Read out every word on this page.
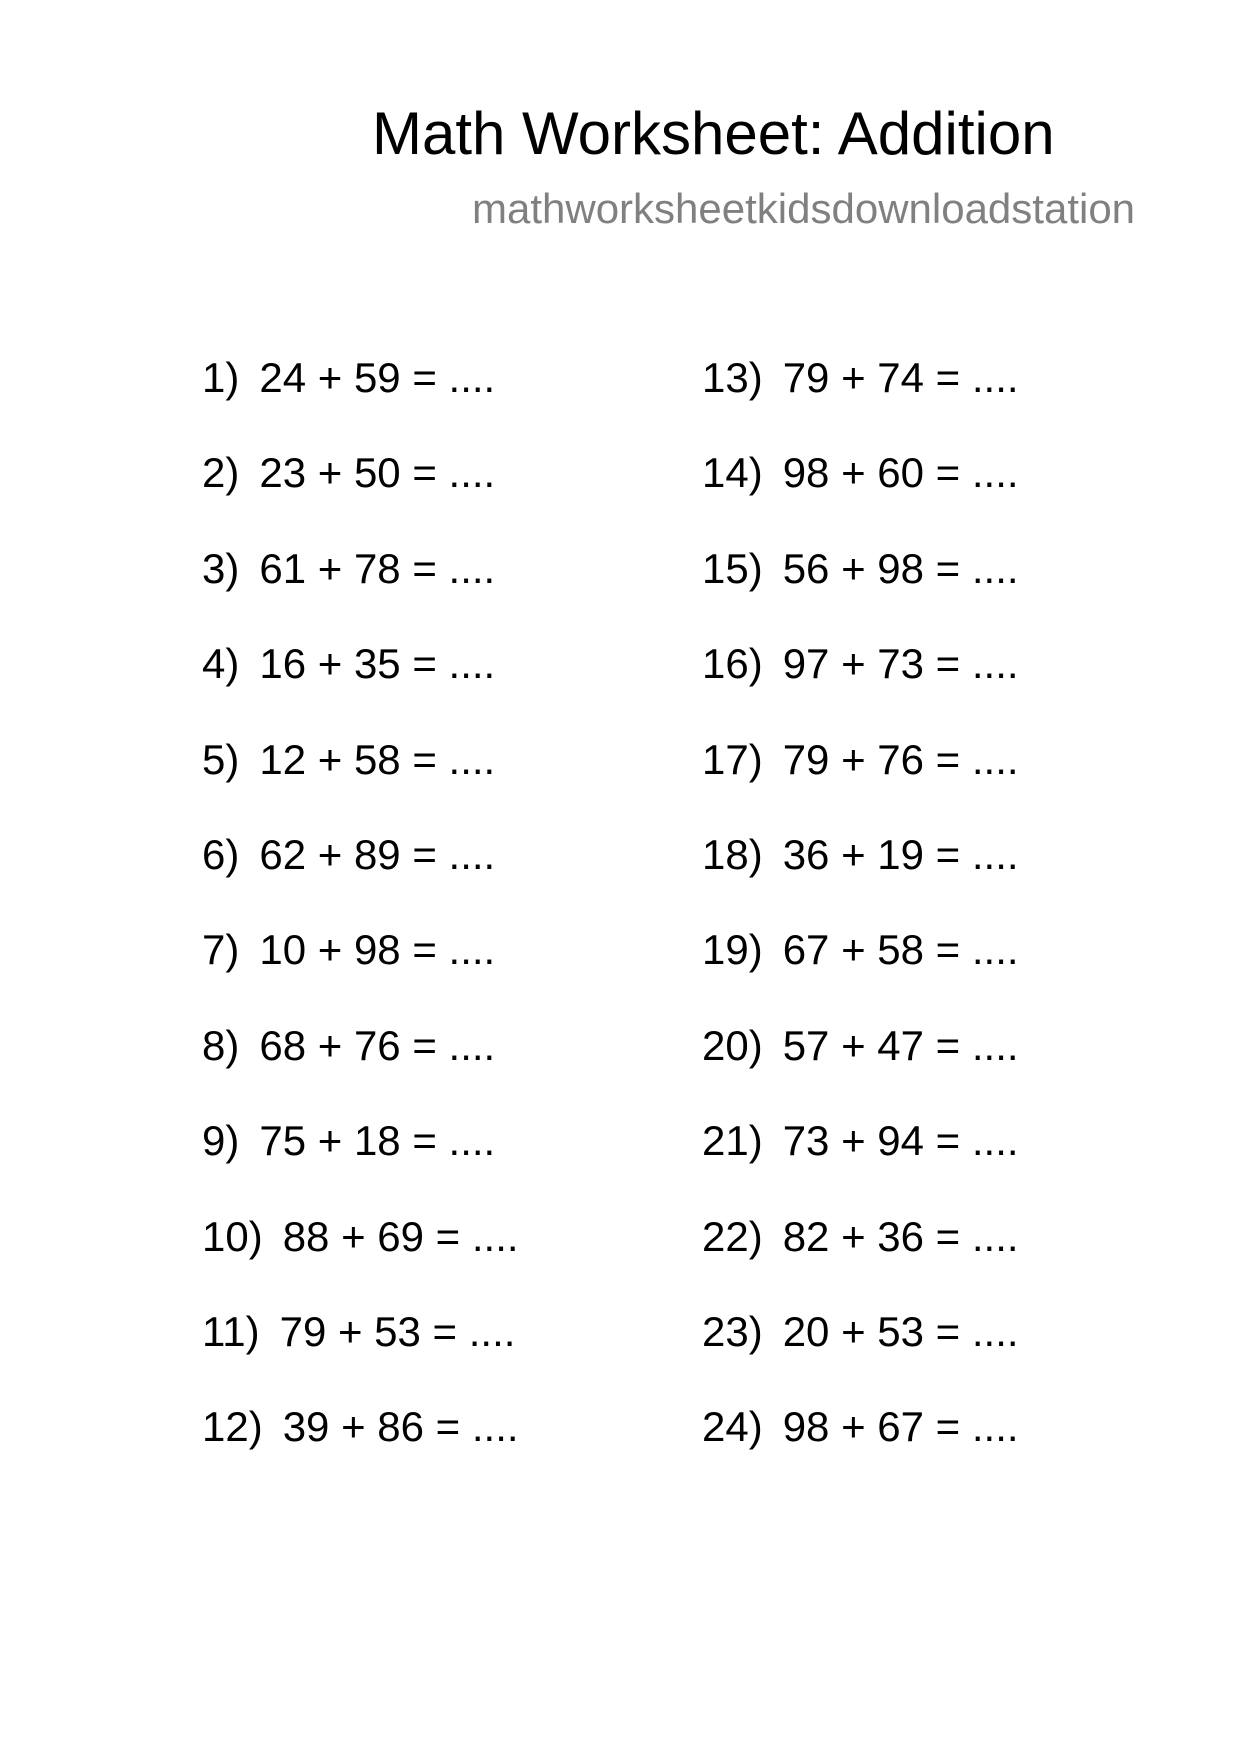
Math Worksheet: Addition
mathworksheetkidsdownloadstation
1) 24 + 59 = ....
2) 23 + 50 = ....
3) 61 + 78 = ....
4) 16 + 35 = ....
5) 12 + 58 = ....
6) 62 + 89 = ....
7) 10 + 98 = ....
8) 68 + 76 = ....
9) 75 + 18 = ....
10) 88 + 69 = ....
11) 79 + 53 = ....
12) 39 + 86 = ....
13) 79 + 74 = ....
14) 98 + 60 = ....
15) 56 + 98 = ....
16) 97 + 73 = ....
17) 79 + 76 = ....
18) 36 + 19 = ....
19) 67 + 58 = ....
20) 57 + 47 = ....
21) 73 + 94 = ....
22) 82 + 36 = ....
23) 20 + 53 = ....
24) 98 + 67 = ....
